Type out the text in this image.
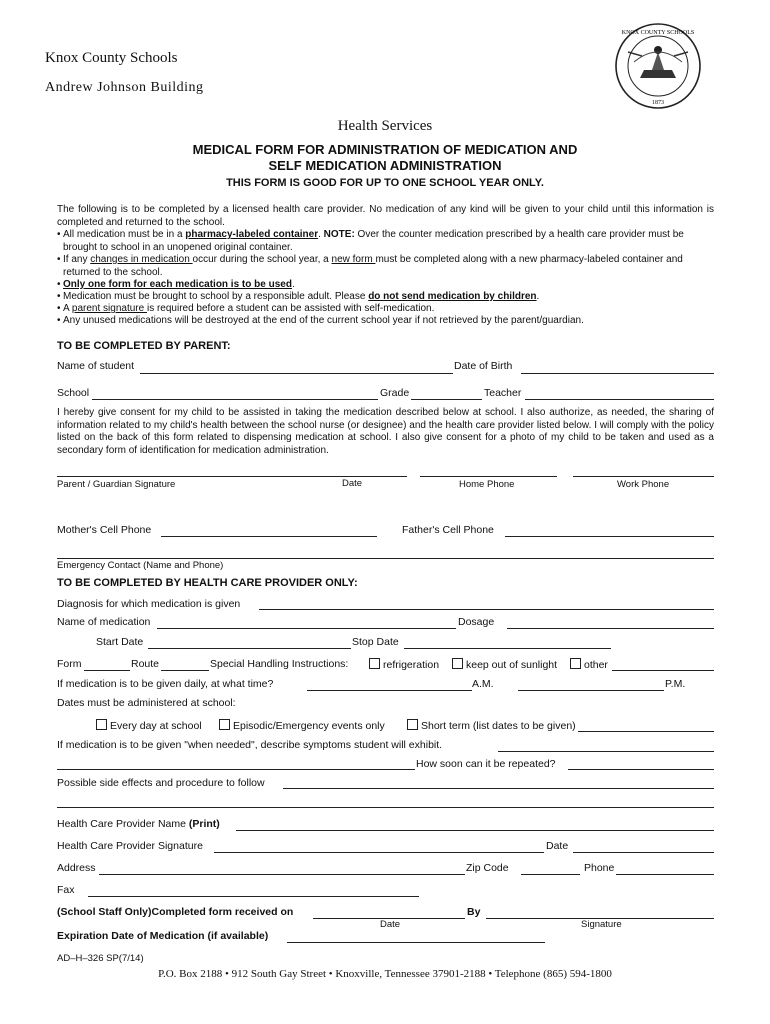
Knox County Schools
Andrew Johnson Building
KNOX COUNTY SCHOOLS
1873
Health Services
MEDICAL FORM FOR ADMINISTRATION OF MEDICATION AND
SELF MEDICATION ADMINISTRATION
THIS FORM IS GOOD FOR UP TO ONE SCHOOL YEAR ONLY.
The following is to be completed by a licensed health care provider. No medication of any kind will be given to your child until this information is completed and returned to the school.
• All medication must be in a pharmacy-labeled container. NOTE: Over the counter medication prescribed by a health care provider must be brought to school in an unopened original container.
• If any changes in medication occur during the school year, a new form must be completed along with a new pharmacy-labeled container and returned to the school.
• Only one form for each medication is to be used.
• Medication must be brought to school by a responsible adult. Please do not send medication by children.
• A parent signature is required before a student can be assisted with self-medication.
• Any unused medications will be destroyed at the end of the current school year if not retrieved by the parent/guardian.
TO BE COMPLETED BY PARENT:
Name of student	Date of Birth
School	Grade	Teacher
I hereby give consent for my child to be assisted in taking the medication described below at school. I also authorize, as needed, the sharing of information related to my child's health between the school nurse (or designee) and the health care provider listed below. I will comply with the policy listed on the back of this form related to dispensing medication at school. I also give consent for a photo of my child to be taken and used as a secondary form of identification for medication administration.
Parent / Guardian Signature	Date	Home Phone	Work Phone
Mother's Cell Phone	Father's Cell Phone
Emergency Contact (Name and Phone)
TO BE COMPLETED BY HEALTH CARE PROVIDER ONLY:
Diagnosis for which medication is given
Name of medication	Dosage
Start Date	Stop Date
Form	Route	Special Handling Instructions:	refrigeration	keep out of sunlight	other
If medication is to be given daily, at what time?	A.M.	P.M.
Dates must be administered at school:
Every day at school	Episodic/Emergency events only	Short term (list dates to be given)
If medication is to be given "when needed", describe symptoms student will exhibit.
How soon can it be repeated?
Possible side effects and procedure to follow
Health Care Provider Name (Print)
Health Care Provider Signature	Date
Address	Zip Code	Phone
Fax
(School Staff Only)Completed form received on	By
Date	Signature
Expiration Date of Medication (if available)
AD–H–326 SP(7/14)
P.O. Box 2188 • 912 South Gay Street • Knoxville, Tennessee 37901-2188 • Telephone (865) 594-1800
